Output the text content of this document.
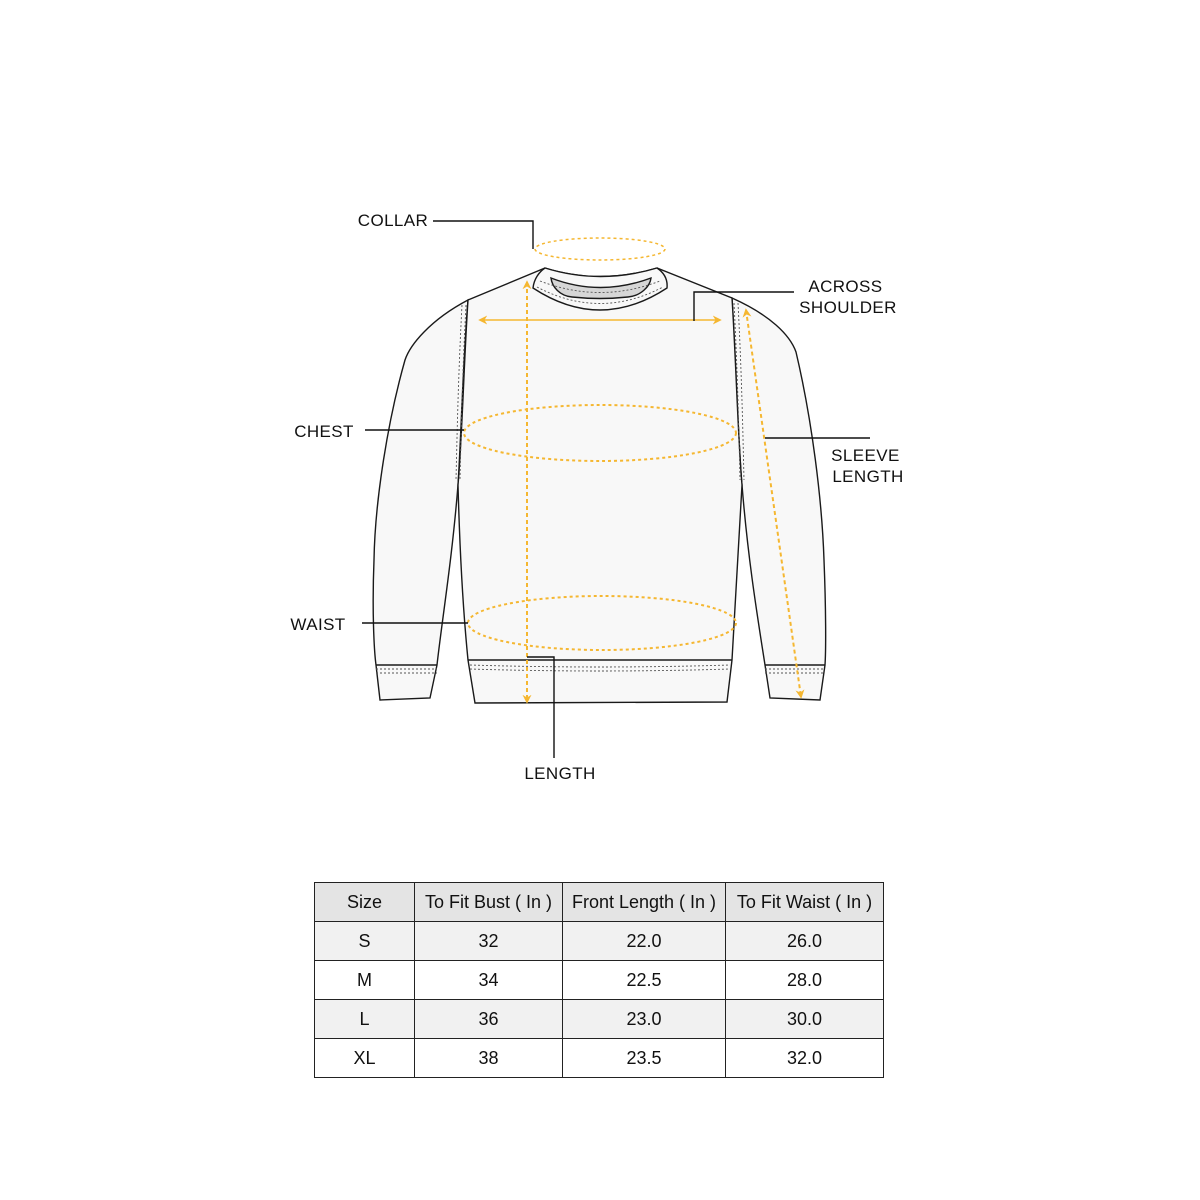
COLLAR
ACROSS SHOULDER
CHEST
SLEEVE LENGTH
WAIST
LENGTH
Size	To Fit Bust ( In )	Front Length ( In )	To Fit Waist ( In )
S	32	22.0	26.0
M	34	22.5	28.0
L	36	23.0	30.0
XL	38	23.5	32.0
